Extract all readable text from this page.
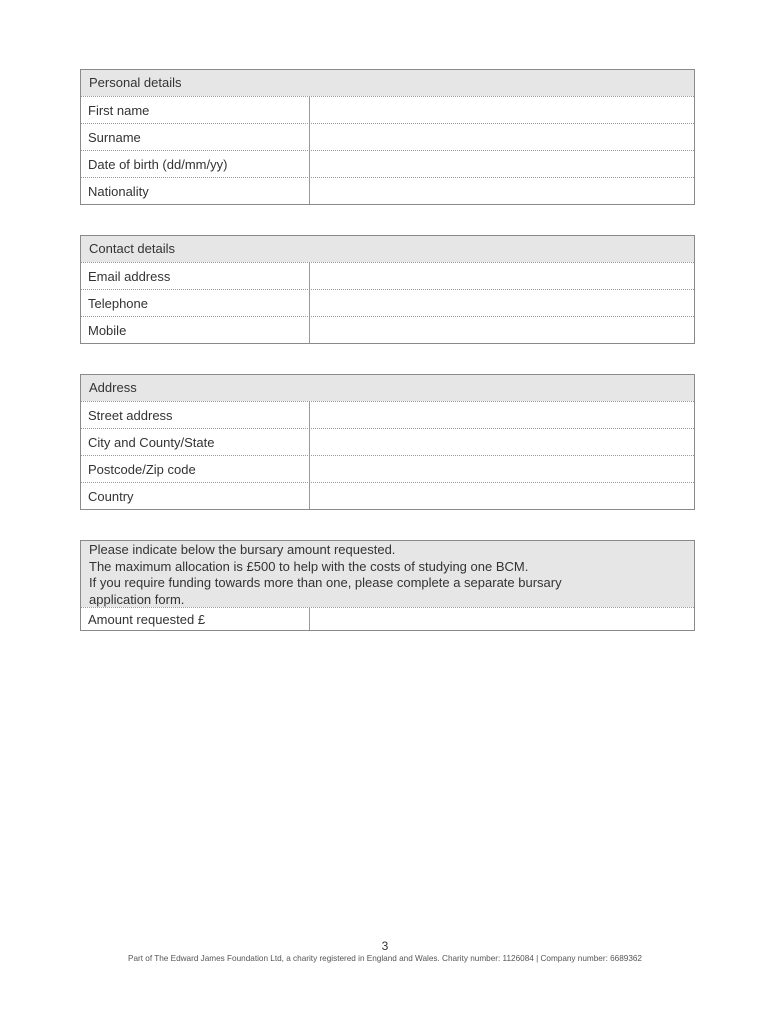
Personal details
First name
Surname
Date of birth (dd/mm/yy)
Nationality
Contact details
Email address
Telephone
Mobile
Address
Street address
City and County/State
Postcode/Zip code
Country

Please indicate below the bursary amount requested.

The maximum allocation is £500 to help with the costs of studying one BCM.

If you require funding towards more than one, please complete a separate bursary

application form.

Amount requested £
3
Part of The Edward James Foundation Ltd, a charity registered in England and Wales. Charity number: 1126084 | Company number: 6689362
